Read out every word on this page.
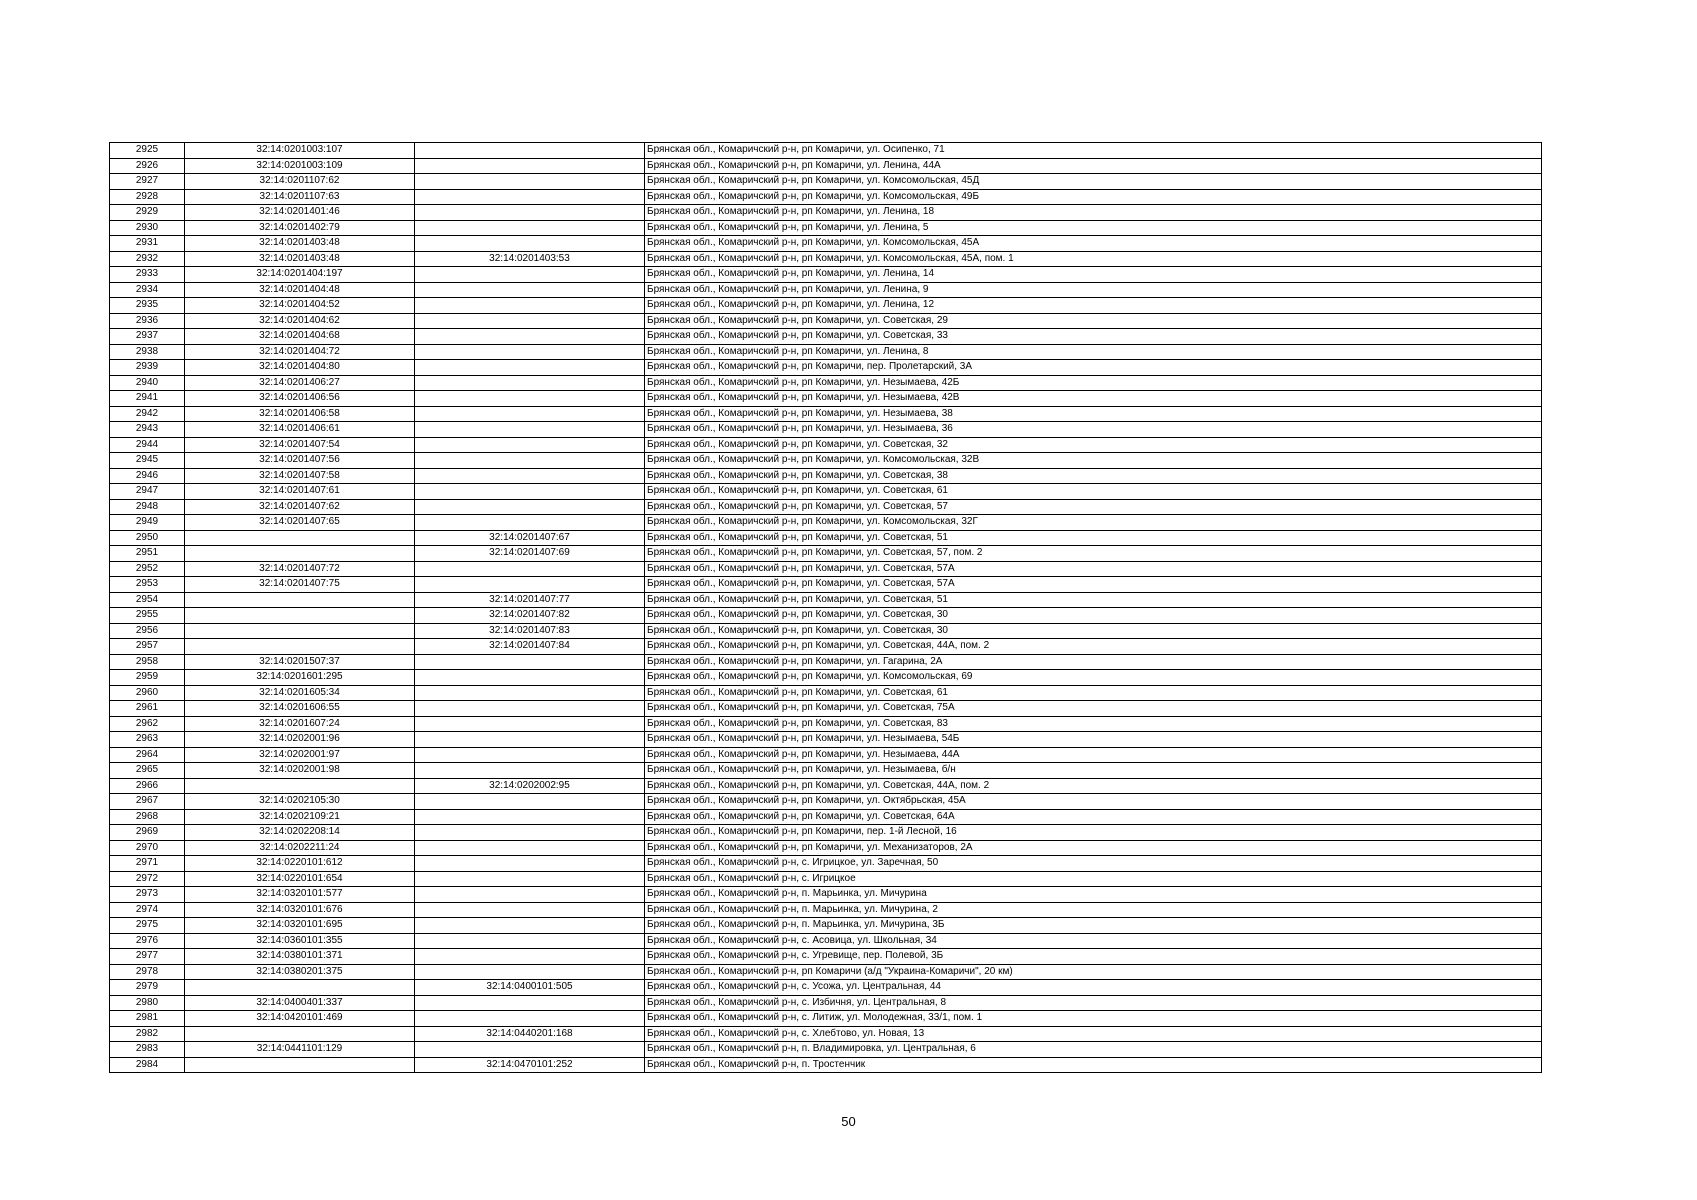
2925	32:14:0201003:107		Брянская обл., Комаричский р-н, рп Комаричи, ул. Осипенко, 71
2926	32:14:0201003:109		Брянская обл., Комаричский р-н, рп Комаричи, ул. Ленина, 44А
2927	32:14:0201107:62		Брянская обл., Комаричский р-н, рп Комаричи, ул. Комсомольская, 45Д
2928	32:14:0201107:63		Брянская обл., Комаричский р-н, рп Комаричи, ул. Комсомольская, 49Б
2929	32:14:0201401:46		Брянская обл., Комаричский р-н, рп Комаричи, ул. Ленина, 18
2930	32:14:0201402:79		Брянская обл., Комаричский р-н, рп Комаричи, ул. Ленина, 5
2931	32:14:0201403:48		Брянская обл., Комаричский р-н, рп Комаричи, ул. Комсомольская, 45А
2932	32:14:0201403:48	32:14:0201403:53	Брянская обл., Комаричский р-н, рп Комаричи, ул. Комсомольская, 45А, пом. 1
2933	32:14:0201404:197		Брянская обл., Комаричский р-н, рп Комаричи, ул. Ленина, 14
2934	32:14:0201404:48		Брянская обл., Комаричский р-н, рп Комаричи, ул. Ленина, 9
2935	32:14:0201404:52		Брянская обл., Комаричский р-н, рп Комаричи, ул. Ленина, 12
2936	32:14:0201404:62		Брянская обл., Комаричский р-н, рп Комаричи, ул. Советская, 29
2937	32:14:0201404:68		Брянская обл., Комаричский р-н, рп Комаричи, ул. Советская, 33
2938	32:14:0201404:72		Брянская обл., Комаричский р-н, рп Комаричи, ул. Ленина, 8
2939	32:14:0201404:80		Брянская обл., Комаричский р-н, рп Комаричи, пер. Пролетарский, 3А
2940	32:14:0201406:27		Брянская обл., Комаричский р-н, рп Комаричи, ул. Незымаева, 42Б
2941	32:14:0201406:56		Брянская обл., Комаричский р-н, рп Комаричи, ул. Незымаева, 42В
2942	32:14:0201406:58		Брянская обл., Комаричский р-н, рп Комаричи, ул. Незымаева, 38
2943	32:14:0201406:61		Брянская обл., Комаричский р-н, рп Комаричи, ул. Незымаева, 36
2944	32:14:0201407:54		Брянская обл., Комаричский р-н, рп Комаричи, ул. Советская, 32
2945	32:14:0201407:56		Брянская обл., Комаричский р-н, рп Комаричи, ул. Комсомольская, 32В
2946	32:14:0201407:58		Брянская обл., Комаричский р-н, рп Комаричи, ул. Советская, 38
2947	32:14:0201407:61		Брянская обл., Комаричский р-н, рп Комаричи, ул. Советская, 61
2948	32:14:0201407:62		Брянская обл., Комаричский р-н, рп Комаричи, ул. Советская, 57
2949	32:14:0201407:65		Брянская обл., Комаричский р-н, рп Комаричи, ул. Комсомольская, 32Г
2950		32:14:0201407:67	Брянская обл., Комаричский р-н, рп Комаричи, ул. Советская, 51
2951		32:14:0201407:69	Брянская обл., Комаричский р-н, рп Комаричи, ул. Советская, 57, пом. 2
2952	32:14:0201407:72		Брянская обл., Комаричский р-н, рп Комаричи, ул. Советская, 57А
2953	32:14:0201407:75		Брянская обл., Комаричский р-н, рп Комаричи, ул. Советская, 57А
2954		32:14:0201407:77	Брянская обл., Комаричский р-н, рп Комаричи, ул. Советская, 51
2955		32:14:0201407:82	Брянская обл., Комаричский р-н, рп Комаричи, ул. Советская, 30
2956		32:14:0201407:83	Брянская обл., Комаричский р-н, рп Комаричи, ул. Советская, 30
2957		32:14:0201407:84	Брянская обл., Комаричский р-н, рп Комаричи, ул. Советская, 44А, пом. 2
2958	32:14:0201507:37		Брянская обл., Комаричский р-н, рп Комаричи, ул. Гагарина, 2А
2959	32:14:0201601:295		Брянская обл., Комаричский р-н, рп Комаричи, ул. Комсомольская, 69
2960	32:14:0201605:34		Брянская обл., Комаричский р-н, рп Комаричи, ул. Советская, 61
2961	32:14:0201606:55		Брянская обл., Комаричский р-н, рп Комаричи, ул. Советская, 75А
2962	32:14:0201607:24		Брянская обл., Комаричский р-н, рп Комаричи, ул. Советская, 83
2963	32:14:0202001:96		Брянская обл., Комаричский р-н, рп Комаричи, ул. Незымаева, 54Б
2964	32:14:0202001:97		Брянская обл., Комаричский р-н, рп Комаричи, ул. Незымаева, 44А
2965	32:14:0202001:98		Брянская обл., Комаричский р-н, рп Комаричи, ул. Незымаева, б/н
2966		32:14:0202002:95	Брянская обл., Комаричский р-н, рп Комаричи, ул. Советская, 44А, пом. 2
2967	32:14:0202105:30		Брянская обл., Комаричский р-н, рп Комаричи, ул. Октябрьская, 45А
2968	32:14:0202109:21		Брянская обл., Комаричский р-н, рп Комаричи, ул. Советская, 64А
2969	32:14:0202208:14		Брянская обл., Комаричский р-н, рп Комаричи, пер. 1-й Лесной, 16
2970	32:14:0202211:24		Брянская обл., Комаричский р-н, рп Комаричи, ул. Механизаторов, 2А
2971	32:14:0220101:612		Брянская обл., Комаричский р-н, с. Игрицкое, ул. Заречная, 50
2972	32:14:0220101:654		Брянская обл., Комаричский р-н, с. Игрицкое
2973	32:14:0320101:577		Брянская обл., Комаричский р-н, п. Марьинка, ул. Мичурина
2974	32:14:0320101:676		Брянская обл., Комаричский р-н, п. Марьинка, ул. Мичурина, 2
2975	32:14:0320101:695		Брянская обл., Комаричский р-н, п. Марьинка, ул. Мичурина, 3Б
2976	32:14:0360101:355		Брянская обл., Комаричский р-н, с. Асовица, ул. Школьная, 34
2977	32:14:0380101:371		Брянская обл., Комаричский р-н, с. Угревище, пер. Полевой, 3Б
2978	32:14:0380201:375		Брянская обл., Комаричский р-н, рп Комаричи (а/д "Украина-Комаричи", 20 км)
2979		32:14:0400101:505	Брянская обл., Комаричский р-н, с. Усожа, ул. Центральная, 44
2980	32:14:0400401:337		Брянская обл., Комаричский р-н, с. Избичня, ул. Центральная, 8
2981	32:14:0420101:469		Брянская обл., Комаричский р-н, с. Литиж, ул. Молодежная, 33/1, пом. 1
2982		32:14:0440201:168	Брянская обл., Комаричский р-н, с. Хлебтово, ул. Новая, 13
2983	32:14:0441101:129		Брянская обл., Комаричский р-н, п. Владимировка, ул. Центральная, 6
2984		32:14:0470101:252	Брянская обл., Комаричский р-н, п. Тростенчик
50
